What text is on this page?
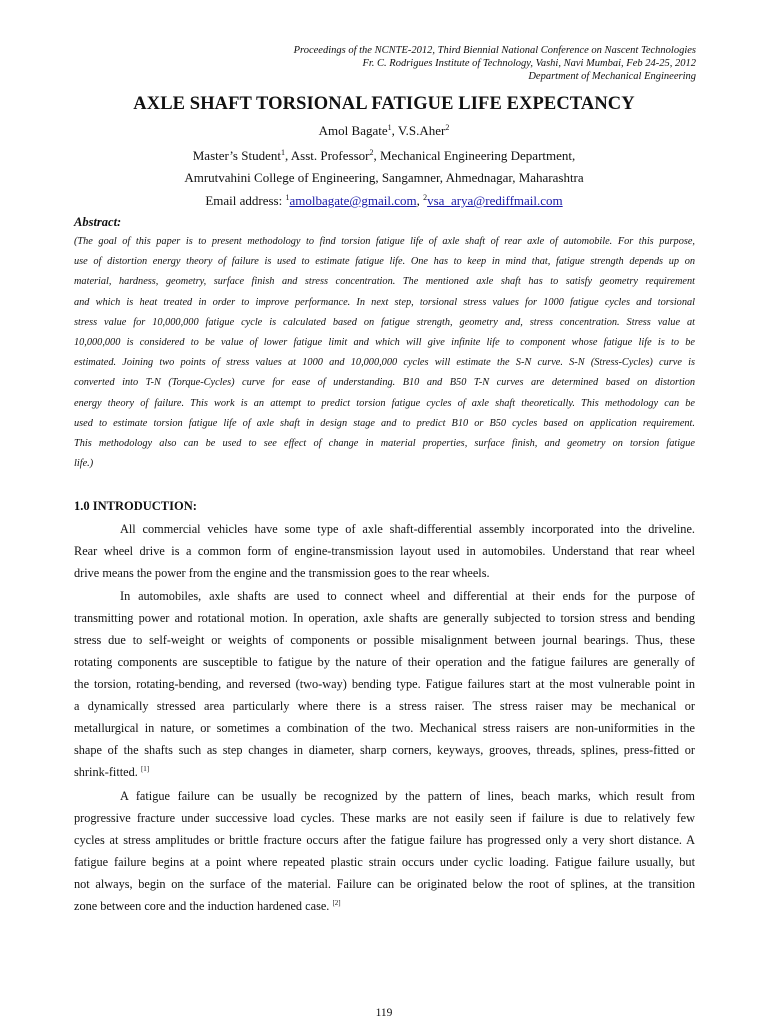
Proceedings of the NCNTE-2012, Third Biennial National Conference on Nascent Technologies
Fr. C. Rodrigues Institute of Technology, Vashi, Navi Mumbai, Feb 24-25, 2012
Department of Mechanical Engineering
AXLE SHAFT TORSIONAL FATIGUE LIFE EXPECTANCY
Amol Bagate$^1$, V.S.Aher$^2$
Master’s Student$^1$, Asst. Professor$^2$, Mechanical Engineering Department,
Amrutvahini College of Engineering, Sangamner, Ahmednagar, Maharashtra
Email address: $^1$amolbagate@gmail.com, $^2$vsa_arya@rediffmail.com
Abstract:
(The goal of this paper is to present methodology to find torsion fatigue life of axle shaft of rear axle of automobile. For this purpose,
use of distortion energy theory of failure is used to estimate fatigue life. One has to keep in mind that, fatigue strength depends up on
material, hardness, geometry, surface finish and stress concentration. The mentioned axle shaft has to satisfy geometry requirement
and which is heat treated in order to improve performance. In next step, torsional stress values for 1000 fatigue cycles and torsional
stress value for 10,000,000 fatigue cycle is calculated based on fatigue strength, geometry and, stress concentration. Stress value at
10,000,000 is considered to be value of lower fatigue limit and which will give infinite life to component whose fatigue life is to be
estimated. Joining two points of stress values at 1000 and 10,000,000 cycles will estimate the S-N curve. S-N (Stress-Cycles) curve is
converted into T-N (Torque-Cycles) curve for ease of understanding. B10 and B50 T-N curves are determined based on distortion
energy theory of failure. This work is an attempt to predict torsion fatigue cycles of axle shaft theoretically. This methodology can be
used to estimate torsion fatigue life of axle shaft in design stage and to predict B10 or B50 cycles based on application requirement.
This methodology also can be used to see effect of change in material properties, surface finish, and geometry on torsion fatigue
life.)
1.0 INTRODUCTION:
All commercial vehicles have some type of axle shaft-differential assembly incorporated into the driveline.
Rear wheel drive is a common form of engine-transmission layout used in automobiles. Understand that rear wheel
drive means the power from the engine and the transmission goes to the rear wheels.
In automobiles, axle shafts are used to connect wheel and differential at their ends for the purpose of
transmitting power and rotational motion. In operation, axle shafts are generally subjected to torsion stress and bending
stress due to self-weight or weights of components or possible misalignment between journal bearings. Thus, these
rotating components are susceptible to fatigue by the nature of their operation and the fatigue failures are generally of
the torsion, rotating-bending, and reversed (two-way) bending type. Fatigue failures start at the most vulnerable point in
a dynamically stressed area particularly where there is a stress raiser. The stress raiser may be mechanical or
metallurgical in nature, or sometimes a combination of the two. Mechanical stress raisers are non-uniformities in the
shape of the shafts such as step changes in diameter, sharp corners, keyways, grooves, threads, splines, press-fitted or
shrink-fitted. [1]
A fatigue failure can be usually be recognized by the pattern of lines, beach marks, which result from
progressive fracture under successive load cycles. These marks are not easily seen if failure is due to relatively few
cycles at stress amplitudes or brittle fracture occurs after the fatigue failure has progressed only a very short distance. A
fatigue failure begins at a point where repeated plastic strain occurs under cyclic loading. Fatigue failure usually, but
not always, begin on the surface of the material. Failure can be originated below the root of splines, at the transition
zone between core and the induction hardened case. [2]
119
